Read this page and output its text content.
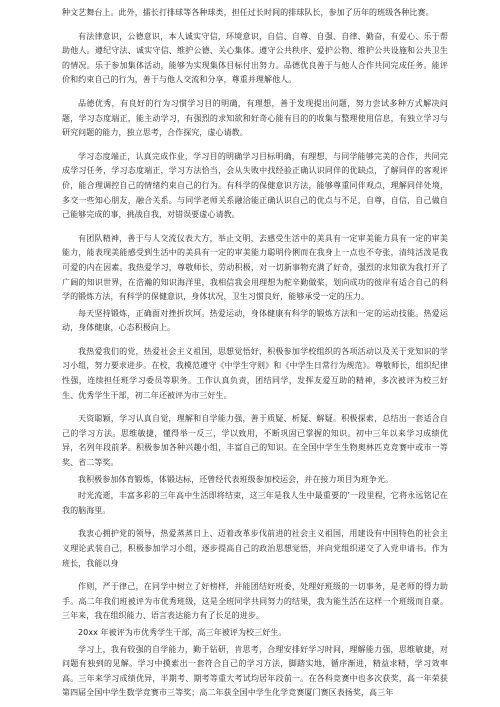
种文艺舞台上。此外，擂长打排球等各种球类，担任过长时间的排球队长，参加了历年的班级各种比赛。

有法律意识，公德意识，本人诚实守信，环境意识，自信、自尊、自强、自律、勤奋，有爱心、乐于帮助他人。遵纪守法、诚实守信、维护公德、关心集体。遵守公共秩序、爱护公物、维护公共设施和公共卫生的情况。乐于参加集体活动，能够为实现集体目标付出努力。品德优良善于与他人合作共同完成任务。能评价和约束自己的行为，善于与他人交流和分享，尊重并理解他人。

品德优秀，有良好的行为习惯学习目的明确，有理想，善于发现提出问题，努力尝试多种方式解决问题，学习态度端正，能主动学习，有强烈的求知欲和好奇心能有目的的收集与整理使用信息，有独立学习与研究问题的能力，独立思考，合作探究，虚心请教。

学习态度端正，认真完成作业，学习目的明确学习目标明确，有理想，与同学能够完美的合作，共同完成学习任务，学习态度端正，学习方法恰当，会从失败中找经验正确认识同伴的优缺点，了解同伴的客观评价，能合理调控自己的情绪约束自己的行为。有科学的保健意识方法，能够尊重同伴观点，理解同伴处境，多交一些知心朋友，融合关系。与同学老师关系融洽能正确认识自己的优点与不足，自尊，自信，自己做自己能够完成的事，挑战自我，对错误要虚心请教。

有团队精神，善于与人交流仪表大方，举止文明，去感受生活中的美具有一定审美能力具有一定的审美能力，能表现美能感受到生活中的美具有一定的审美能力聪明伶俐而在我身上一点也不夸张，清纯活泼是我可爱的内在因素。我热爱学习，尊敬师长，劳动积极，对一切新事物充满了好奇，强烈的求知欲为我打开了广阔的知识世界，在浩瀚的知识海洋里，我相信我会用理想为舵辛勤做桨，划向成功的彼岸有适合自己的科学的锻炼方法，有科学的保健意识，身体状况，卫生习惯良好，能够承受一定的压力。

每天坚持锻炼，正确面对挫折坎坷。热爱运动，身体健康有科学的锻炼方法和一定的运动技能。热爱运动，身体健康，心态积极向上。

我热爱我们的党，热爱社会主义祖国，思想觉悟好，积极参加学校组织的各项活动以及关于党知识的学习小组，努力要求进步。在校，我模范遵守《中学生守则》和《中学生日常行为规范》。尊敬师长，组织纪律性强，连续担任班学习委员等职务。工作认真负责，团结同学，发挥友爱互助的精神，多次被评为校三好生、优秀学生干部，初二年还被评为市三好生。

天资聪颖，学习认真自觉，理解和自学能力强，善于质疑、析疑、解疑。积极探索，总结出一套适合自己的学习方法。思维敏捷，懂得举一反三，学以致用，不断巩固已掌握的知识。初中三年以来学习成绩优异，名列年段前茅。积极参加各种兴趣小组，丰富自己的知识。在全国中学生生物奥林匹克竞赛中或市一等奖、省二等奖。

我积极参加体育锻炼，体锻达标，还曾经代表班级参加校运会，并在接力项目为班争光。

时光流逝，丰富多彩的三年高中生活即将结束，这三年是我人生中最重要的’一段里程，它将永远铭记在我的脑海里。

我衷心拥护党的领导，热爱蒸蒸日上、迈着改革步伐前进的社会主义祖国，用建设有中国特色的社会主义理论武装自己，积极参加学习小组，逐步提高自己的政治思想觉悟，并向党组织递交了入党申请书。作为班长，我能以身

作则，严于律己，在同学中树立了好榜样，并能团结好班委，处理好班级的一切事务，是老师的得力助手。高二年我们班被评为市优秀班级，这是全班同学共同努力的结果，我为能生活在这样一个班级而自豪。三年来，我在组织能力、语言表达能力有了长足的进步。

20xx 年被评为市优秀学生干部，高三年被评为校三好生。

学习上，我有较强的自学能力，勤于钻研，肯思考，合理安排好学习时间，理解能力强，思维敏捷，对问题有独到的见解。学习中摸索出一套符合自己的学习方法，脚踏实地，循序渐进，精益求精，学习效率高。三年来学习成绩优异，半期考、期考等重大考试均居年段前一。在各科竞赛中也多次获奖，高一年荣获第四届全国中学生数学竞赛市三等奖；高二年获全国中学生化学竞赛厦门赛区表扬奖，高三年
